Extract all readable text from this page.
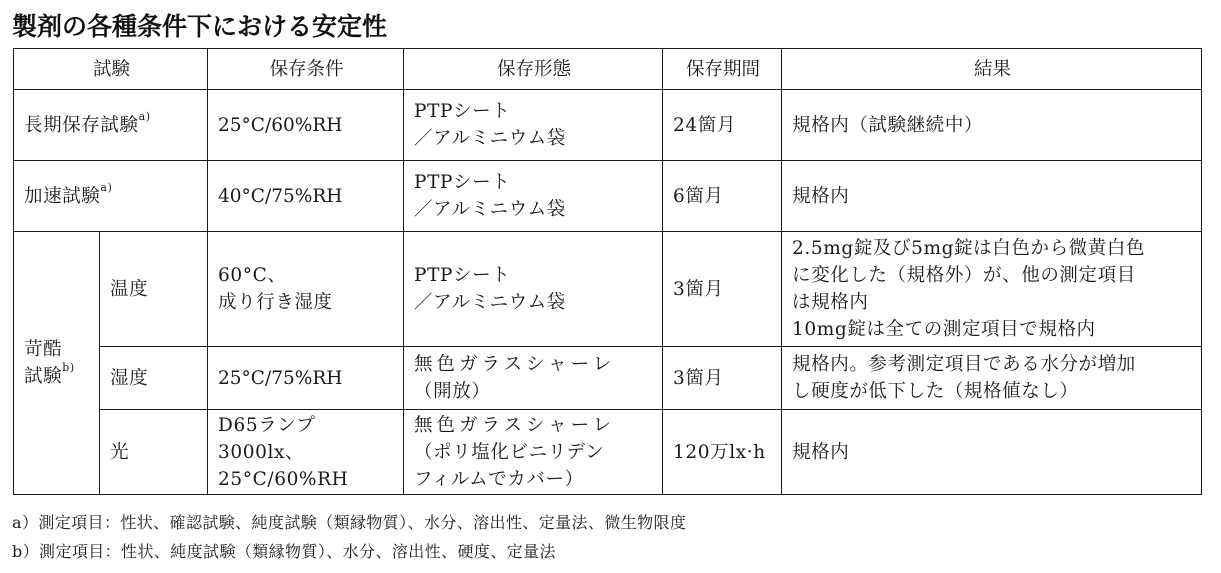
製剤の各種条件下における安定性
試験		保存条件	保存形態	保存期間	結果
長期保存試験$^{a)}$		25°C/60%RH	PTPシート
／アルミニウム袋	24箇月	規格内（試験継続中）

加速試験$^{a)}$		40°C/75%RH	PTPシート
／アルミニウム袋	6箇月	規格内

苛酷
試験$^{b)}$	温度	60°C、
成り行き湿度	PTPシート
／アルミニウム袋	3箇月	2.5mg錠及び5mg錠は白色から微黄白色
に変化した（規格外）が、他の測定項目
は規格内
10mg錠は全ての測定項目で規格内

	湿度	25°C/75%RH	無色ガラスシャーレ
（開放）	3箇月	規格内。参考測定項目である水分が増加
し硬度が低下した（規格値なし）

	光	D65ランプ
3000lx、
25°C/60%RH	無色ガラスシャーレ
（ポリ塩化ビニリデン
フィルムでカバー）	120万lx·h	規格内
a）測定項目：性状、確認試験、純度試験（類縁物質）、水分、溶出性、定量法、微生物限度
b）測定項目：性状、純度試験（類縁物質）、水分、溶出性、硬度、定量法
